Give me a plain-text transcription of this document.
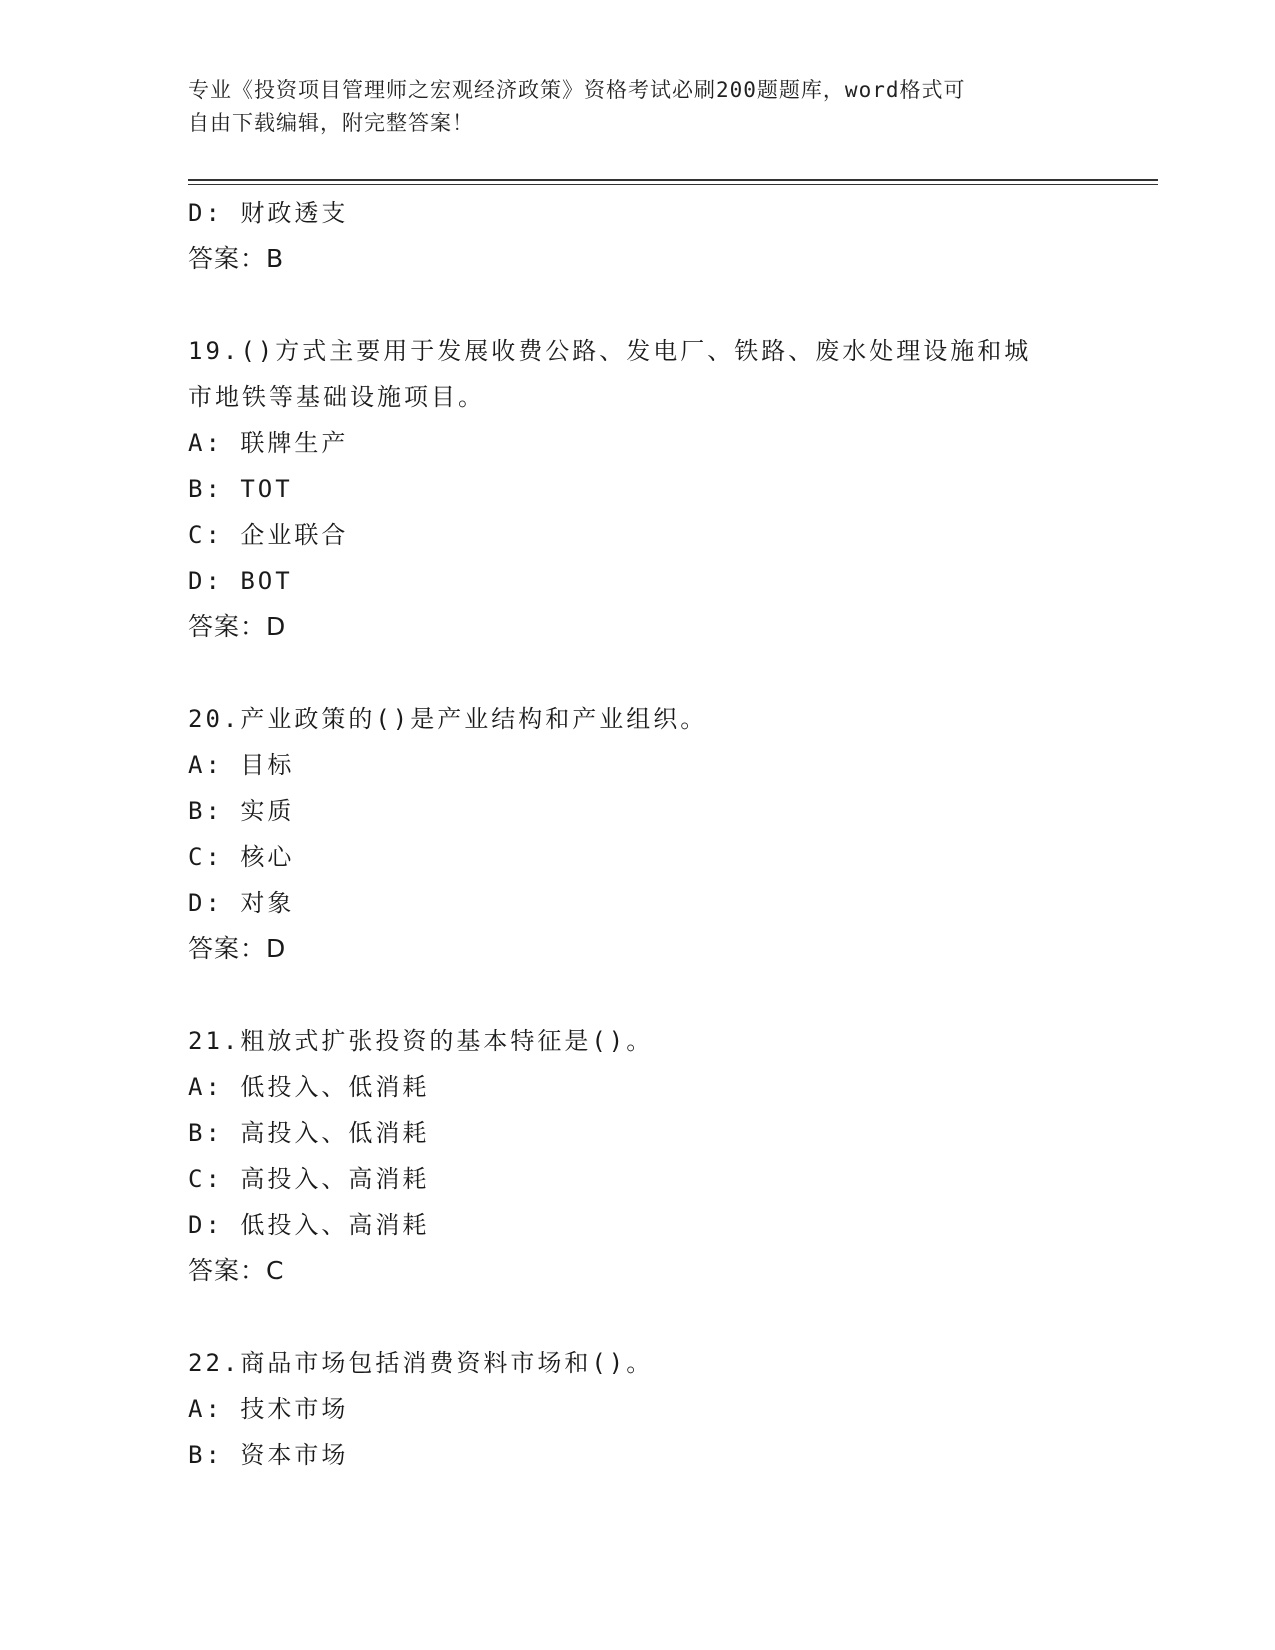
专业《投资项目管理师之宏观经济政策》资格考试必刷200题题库，word格式可
自由下载编辑，附完整答案！
D: 财政透支
答案：B
19.()方式主要用于发展收费公路、发电厂、铁路、废水处理设施和城
市地铁等基础设施项目。
A: 联牌生产
B: TOT
C: 企业联合
D: BOT
答案：D
20.产业政策的()是产业结构和产业组织。
A: 目标
B: 实质
C: 核心
D: 对象
答案：D
21.粗放式扩张投资的基本特征是()。
A: 低投入、低消耗
B: 高投入、低消耗
C: 高投入、高消耗
D: 低投入、高消耗
答案：C
22.商品市场包括消费资料市场和()。
A: 技术市场
B: 资本市场
